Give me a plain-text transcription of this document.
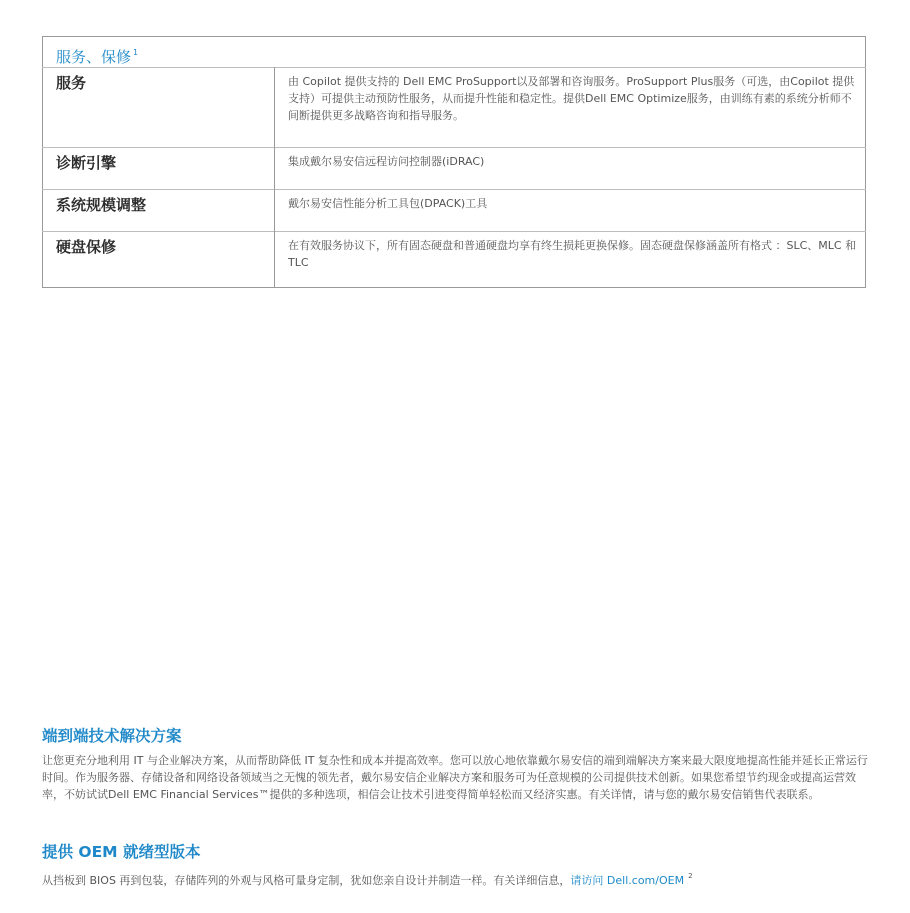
服务、保修 $^1$

服务	由 Copilot 提供支持的 Dell EMC ProSupport以及部署和咨询服务。ProSupport Plus服务（可选，由Copilot 提供支持）可提供主动预防性服务，从而提升性能和稳定性。提供Dell EMC Optimize服务，由训练有素的系统分析师不间断提供更多战略咨询和指导服务。
诊断引擎	集成戴尔易安信远程访问控制器(iDRAC)
系统规模调整	戴尔易安信性能分析工具包(DPACK)工具
硬盘保修	在有效服务协议下，所有固态硬盘和普通硬盘均享有终生损耗更换保修。固态硬盘保修涵盖所有格式 ：SLC、MLC 和 TLC
端到端技术解决方案

让您更充分地利用 IT 与企业解决方案，从而帮助降低 IT 复杂性和成本并提高效率。您可以放心地依靠戴尔易安信的端到端解决方案来最大限度地提高性能并延长正常运行时间。作为服务器、存储设备和网络设备领域当之无愧的领先者，戴尔易安信企业解决方案和服务可为任意规模的公司提供技术创新。如果您希望节约现金或提高运营效率，不妨试试Dell EMC Financial Services™提供的多种选项，相信会让技术引进变得简单轻松而又经济实惠。有关详情，请与您的戴尔易安信销售代表联系。

提供 OEM 就绪型版本

从挡板到 BIOS 再到包装，存储阵列的外观与风格可量身定制，犹如您亲自设计并制造一样。有关详细信息，请访问 Dell.com/OEM $^2$
